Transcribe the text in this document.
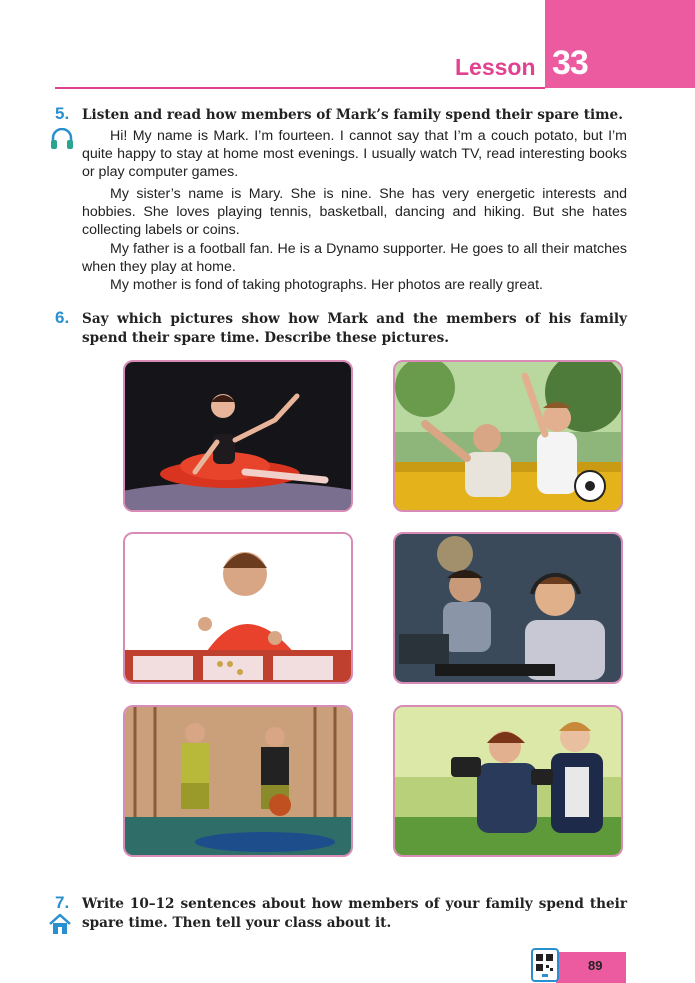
Lesson 33
5. Listen and read how members of Mark’s family spend their spare time.

Hi! My name is Mark. I’m fourteen. I cannot say that I’m a couch potato, but I’m quite happy to stay at home most evenings. I usually watch TV, read interesting books or play computer games.

My sister’s name is Mary. She is nine. She has very energetic interests and hobbies. She loves playing tennis, basketball, dancing and hiking. But she hates collecting labels or coins.

My father is a football fan. He is a Dynamo supporter. He goes to all their matches when they play at home.

My mother is fond of taking photographs. Her photos are really great.

6. Say which pictures show how Mark and the members of his family spend their spare time. Describe these pictures.
7. Write 10–12 sentences about how members of your family spend their spare time. Then tell your class about it.
89
